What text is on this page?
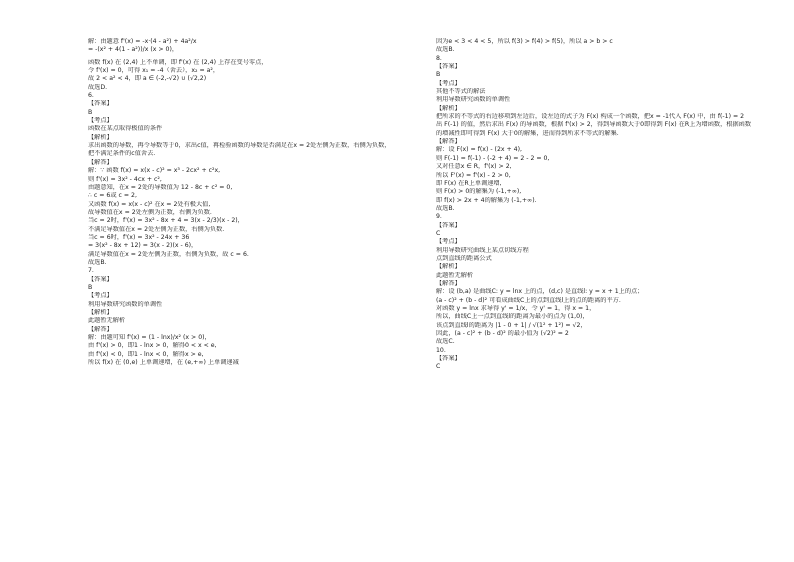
解：由题意 f'(x) = -x·(4 - a²) + 4a²/x
= -(x² + 4(1 - a²))/x (x > 0)，
函数 f(x) 在 (2,4) 上不单调，即 f'(x) 在 (2,4) 上存在变号零点，
令 f'(x) = 0，可得 x₁ = -4（舍去），x₂ = a²，
故 2 < a² < 4，即 a ∈ (-2,-√2) ∪ (√2,2)
故选D.
6.
【答案】
B
【考点】
函数在某点取得极值的条件
【解析】
求出函数的导数，再令导数等于0，求出c值，再检验函数的导数是否满足在x = 2处左侧为正数，右侧为负数，
把不满足条件的c值舍去.
【解答】
解：∵ 函数 f(x) = x(x - c)² = x³ - 2cx² + c²x,
则 f'(x) = 3x² - 4cx + c²,
由题意知，在x = 2处的导数值为 12 - 8c + c² = 0,
∴ c = 6或 c = 2,
又函数 f(x) = x(x - c)² 在x = 2处有极大值,
故导数值在x = 2处左侧为正数，右侧为负数.
当c = 2时，f'(x) = 3x² - 8x + 4 = 3(x - 2/3)(x - 2)，
不满足导数值在x = 2处左侧为正数，右侧为负数.
当c = 6时，f'(x) = 3x² - 24x + 36
= 3(x² - 8x + 12) = 3(x - 2)(x - 6)，
满足导数值在x = 2处左侧为正数，右侧为负数，故 c = 6.
故选B.
7.
【答案】
B
【考点】
利用导数研究函数的单调性
【解析】
此题暂无解析
【解答】
解：由题可知 f'(x) = (1 - lnx)/x² (x > 0)，
由 f'(x) > 0，即1 - lnx > 0，解得0 < x < e,
由 f'(x) < 0，即1 - lnx < 0，解得x > e,
所以 f(x) 在 (0,e) 上单调递增，在 (e,+∞) 上单调递减
因为e < 3 < 4 < 5，所以 f(3) > f(4) > f(5)，所以 a > b > c
故选B.
8.
【答案】
B
【考点】
其他不等式的解法
利用导数研究函数的单调性
【解析】
把所求的不等式的右边移项到左边后，设左边的式子为 F(x) 构成一个函数，把x = -1代入 F(x) 中，由 f(-1) = 2
出 F(-1) 的值，然后求出 F(x) 的导函数，根据 f'(x) > 2，得到导函数大于0即得到 F(x) 在R上为增函数，根据函数
的增减性即可得到 F(x) 大于0的解集，进而得到所求不等式的解集.
【解答】
解：设 F(x) = f(x) - (2x + 4),
则 F(-1) = f(-1) - (-2 + 4) = 2 - 2 = 0,
又对任意x ∈ R，f'(x) > 2,
所以 F'(x) = f'(x) - 2 > 0,
即 F(x) 在R上单调递增,
则 F(x) > 0的解集为 (-1,+∞),
即 f(x) > 2x + 4的解集为 (-1,+∞).
故选B.
9.
【答案】
C
【考点】
利用导数研究曲线上某点切线方程
点到直线的距离公式
【解析】
此题暂无解析
【解答】
解：设 (b,a) 是曲线C: y = lnx 上的点，(d,c) 是直线l: y = x + 1上的点；
(a - c)² + (b - d)² 可看成曲线C上的点到直线l上的点的距离的平方.
对函数 y = lnx 求导得 y' = 1/x，令 y' = 1，得 x = 1，
所以，曲线C上一点到直线l的距离为最小的点为 (1,0)，
该点到直线l的距离为 |1 - 0 + 1| / √(1² + 1²) = √2，
因此，(a - c)² + (b - d)² 的最小值为 (√2)² = 2
故选C.
10.
【答案】
C
